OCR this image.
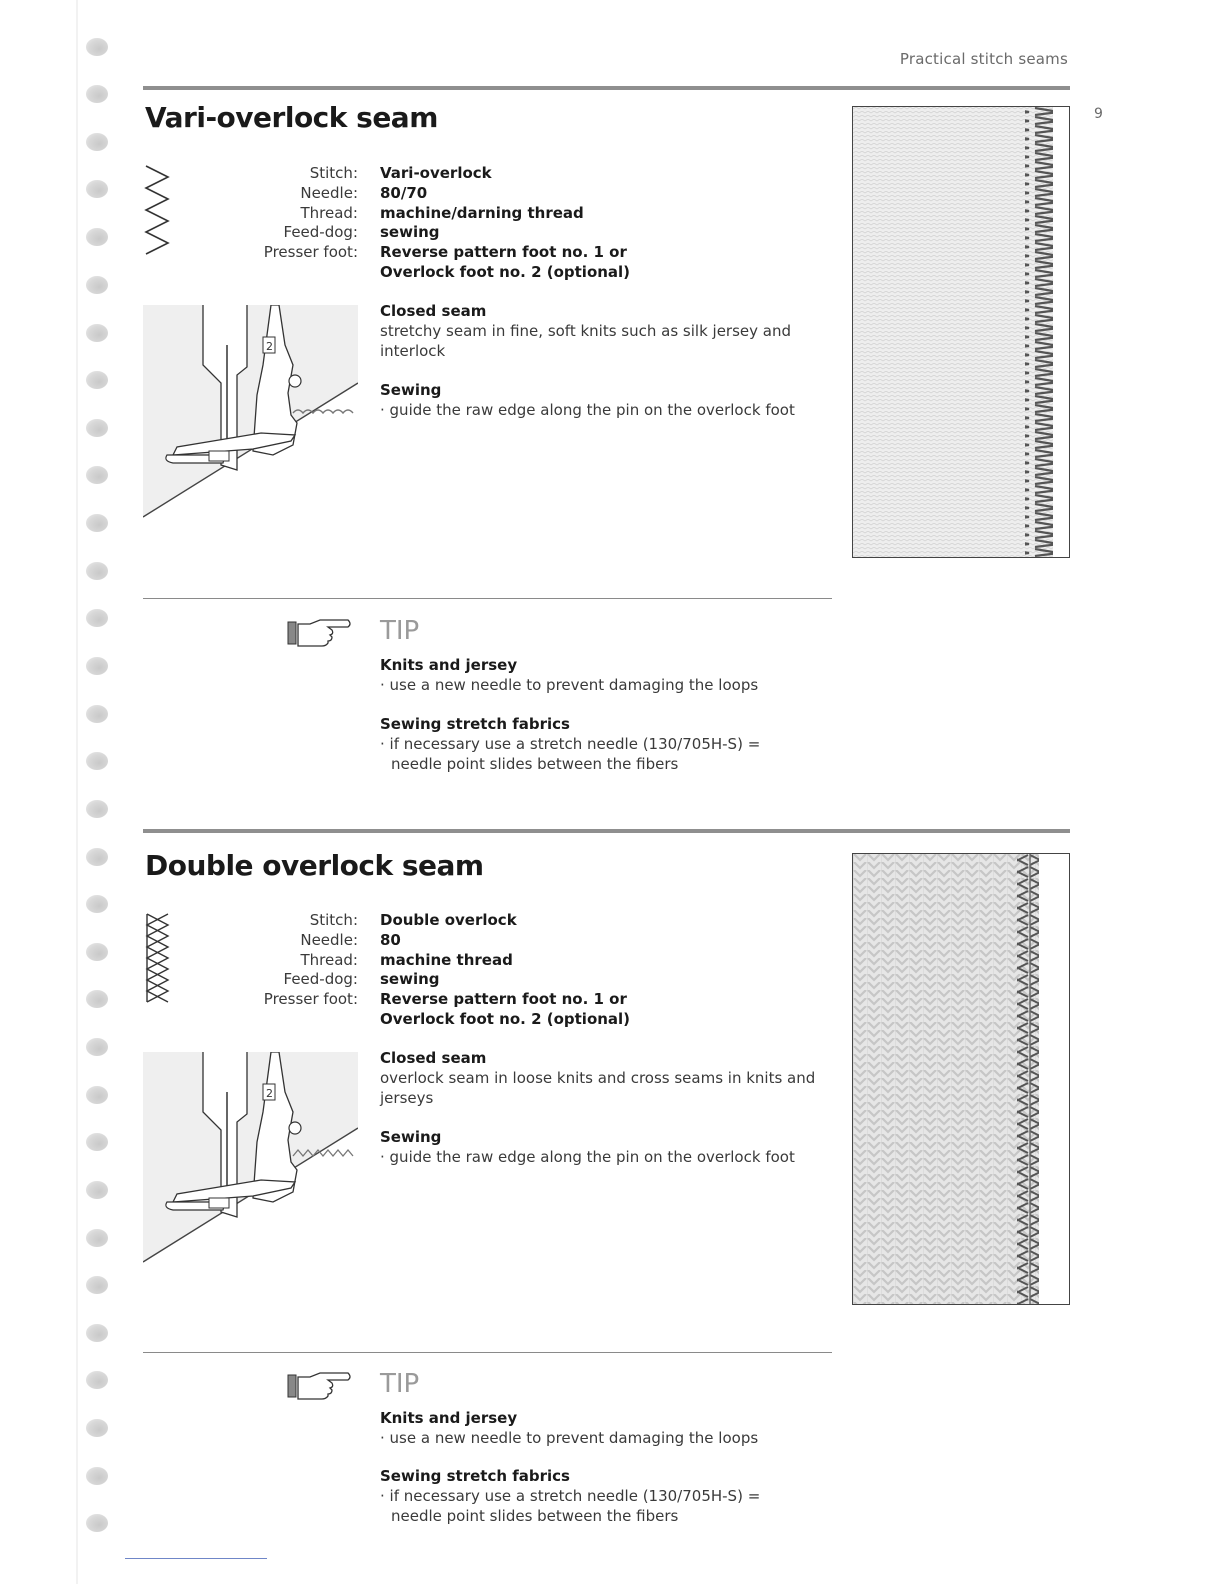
Practical stitch seams
9
Vari-overlock seam
Stitch:
Needle:
Thread:
Feed-dog:
Presser foot:
Vari-overlock
80/70
machine/darning thread
sewing
Reverse pattern foot no. 1 or
Overlock foot no. 2 (optional)
2
Closed seam
stretchy seam in fine, soft knits such as silk jersey and interlock
Sewing
· guide the raw edge along the pin on the overlock foot
TIP
Knits and jersey
· use a new needle to prevent damaging the loops
Sewing stretch fabrics
· if necessary use a stretch needle (130/705H-S) = needle point slides between the fibers
Double overlock seam
Stitch:
Needle:
Thread:
Feed-dog:
Presser foot:
Double overlock
80
machine thread
sewing
Reverse pattern foot no. 1 or
Overlock foot no. 2 (optional)
2
Closed seam
overlock seam in loose knits and cross seams in knits and jerseys
Sewing
· guide the raw edge along the pin on the overlock foot
TIP
Knits and jersey
· use a new needle to prevent damaging the loops
Sewing stretch fabrics
· if necessary use a stretch needle (130/705H-S) = needle point slides between the fibers
